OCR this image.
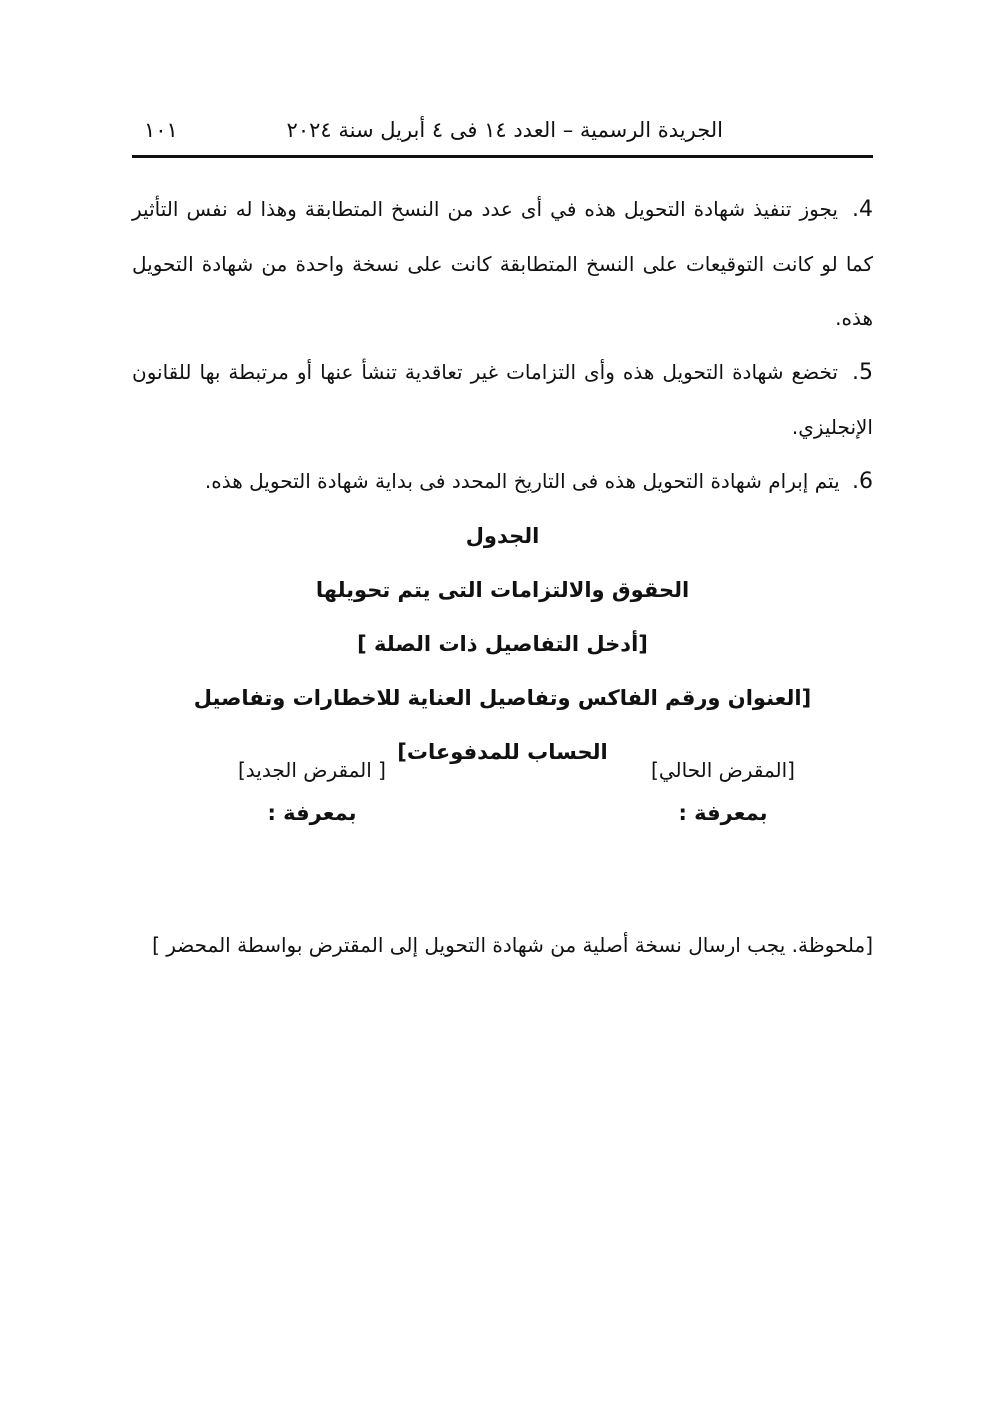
الجريدة الرسمية – العدد ١٤ فى ٤ أبريل سنة ٢٠٢٤
١٠١

4. يجوز تنفيذ شهادة التحويل هذه في أى عدد من النسخ المتطابقة وهذا له نفس التأثير كما لو كانت التوقيعات على النسخ المتطابقة كانت على نسخة واحدة من شهادة التحويل هذه.

5. تخضع شهادة التحويل هذه وأى التزامات غير تعاقدية تنشأ عنها أو مرتبطة بها للقانون الإنجليزي.

6. يتم إبرام شهادة التحويل هذه فى التاريخ المحدد فى بداية شهادة التحويل هذه.

الجدول

الحقوق والالتزامات التى يتم تحويلها

[أدخل التفاصيل ذات الصلة ]

[العنوان ورقم الفاكس وتفاصيل العناية للاخطارات وتفاصيل

الحساب للمدفوعات]

[المقرض الحالي]
بمعرفة :
[ المقرض الجديد]
بمعرفة :

[ملحوظة. يجب ارسال نسخة أصلية من شهادة التحويل إلى المقترض بواسطة المحضر ]
